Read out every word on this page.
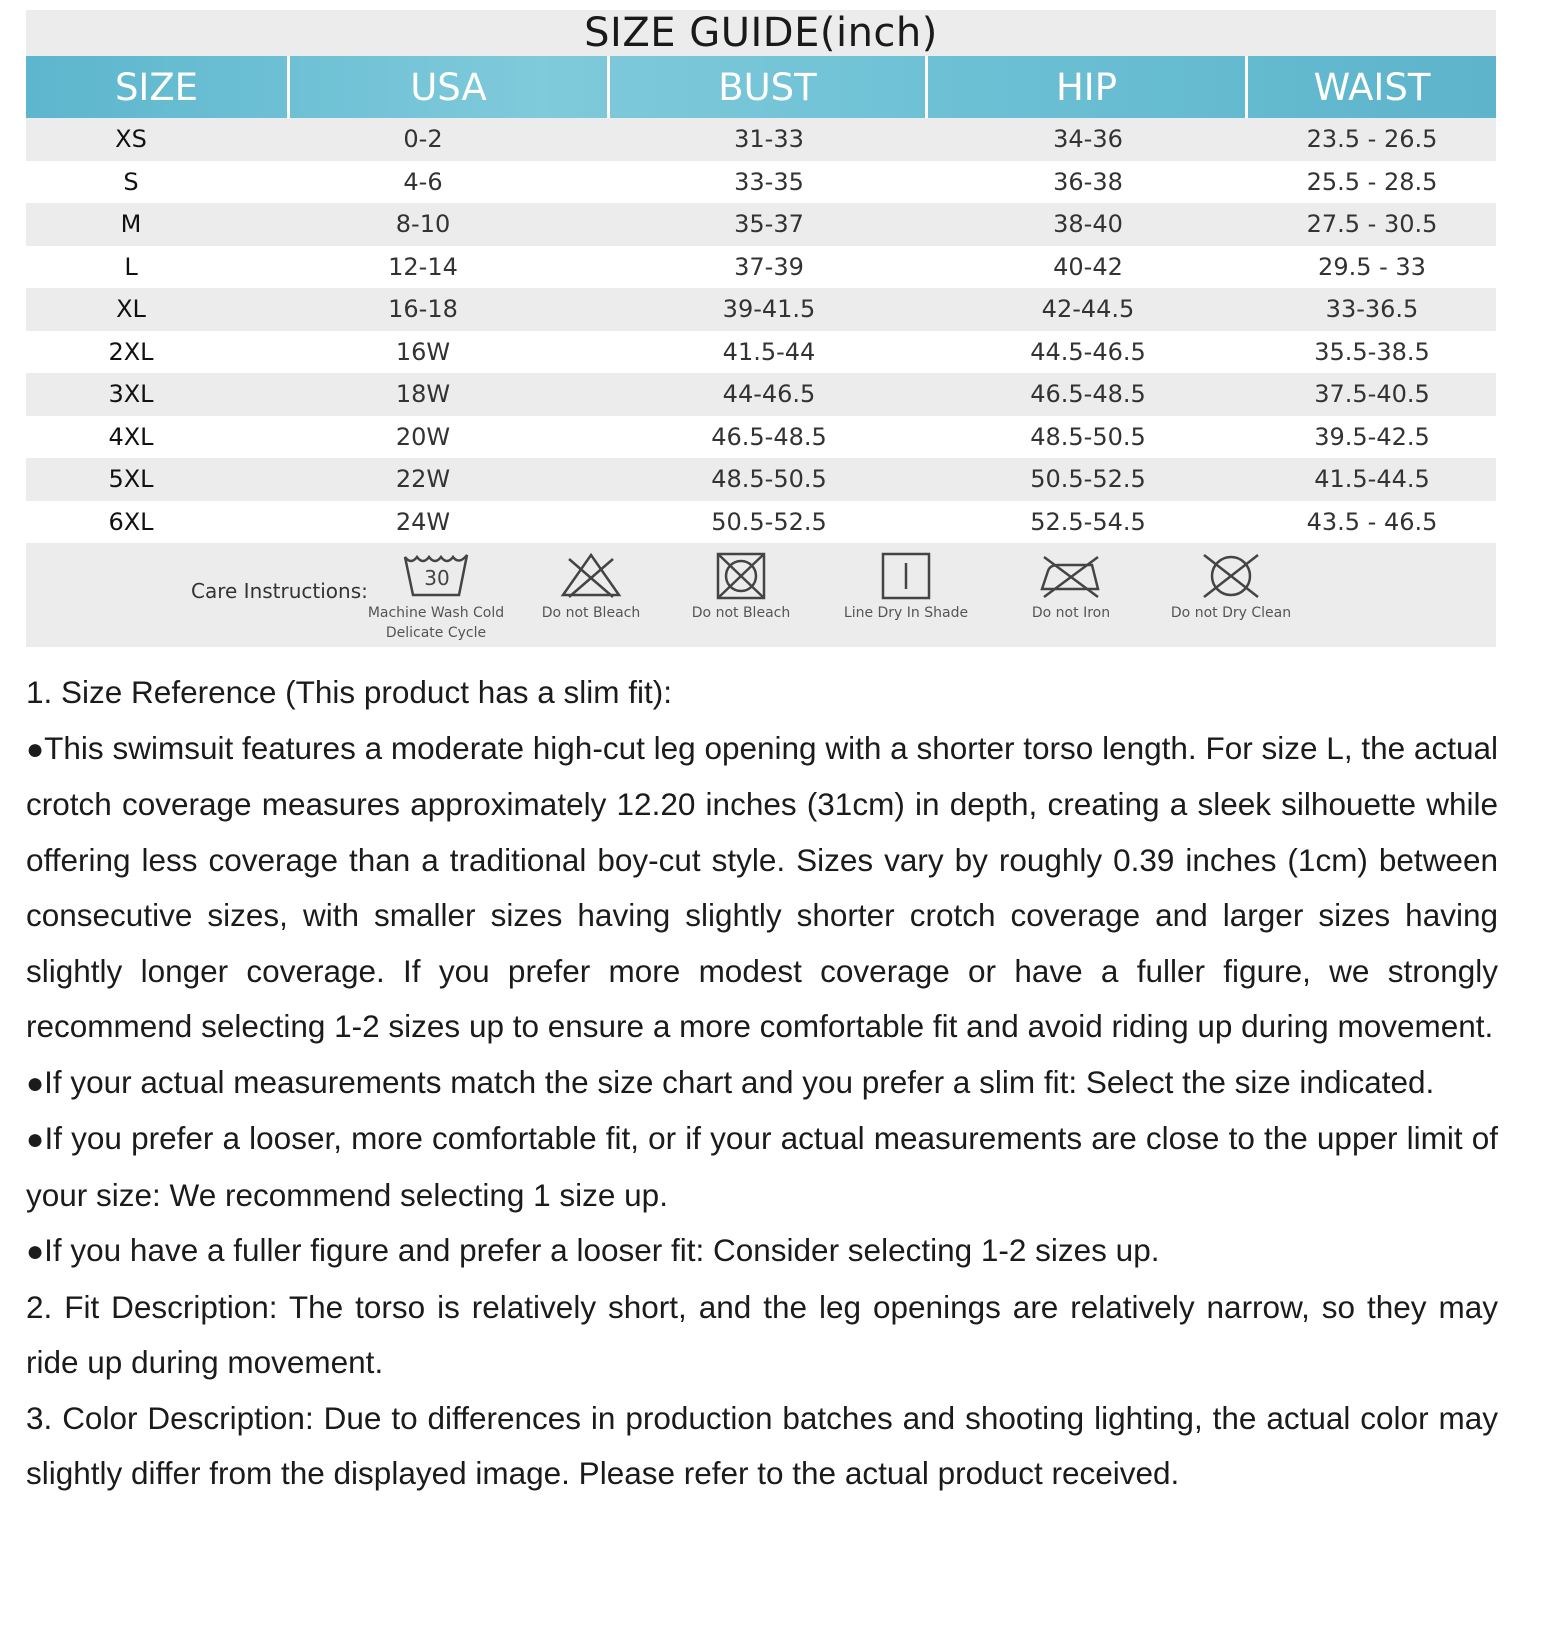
SIZE GUIDE(inch)
SIZE	USA	BUST	HIP	WAIST
XS	0-2	31-33	34-36	23.5 - 26.5
S	4-6	33-35	36-38	25.5 - 28.5
M	8-10	35-37	38-40	27.5 - 30.5
L	12-14	37-39	40-42	29.5 - 33
XL	16-18	39-41.5	42-44.5	33-36.5
2XL	16W	41.5-44	44.5-46.5	35.5-38.5
3XL	18W	44-46.5	46.5-48.5	37.5-40.5
4XL	20W	46.5-48.5	48.5-50.5	39.5-42.5
5XL	22W	48.5-50.5	50.5-52.5	41.5-44.5
6XL	24W	50.5-52.5	52.5-54.5	43.5 - 46.5
Care Instructions:
30
Machine Wash Cold
Delicate Cycle
Do not Bleach	Do not Bleach	Line Dry In Shade	Do not Iron	Do not Dry Clean

1. Size Reference (This product has a slim fit):

●This swimsuit features a moderate high-cut leg opening with a shorter torso length. For size L, the actual crotch coverage measures approximately 12.20 inches (31cm) in depth, creating a sleek silhouette while offering less coverage than a traditional boy-cut style. Sizes vary by roughly 0.39 inches (1cm) between consecutive sizes, with smaller sizes having slightly shorter crotch coverage and larger sizes having slightly longer coverage. If you prefer more modest coverage or have a fuller figure, we strongly recommend selecting 1-2 sizes up to ensure a more comfortable fit and avoid riding up during movement.

●If your actual measurements match the size chart and you prefer a slim fit: Select the size indicated.

●If you prefer a looser, more comfortable fit, or if your actual measurements are close to the upper limit of your size: We recommend selecting 1 size up.

●If you have a fuller figure and prefer a looser fit: Consider selecting 1-2 sizes up.

2. Fit Description: The torso is relatively short, and the leg openings are relatively narrow, so they may ride up during movement.

3. Color Description: Due to differences in production batches and shooting lighting, the actual color may slightly differ from the displayed image. Please refer to the actual product received.
